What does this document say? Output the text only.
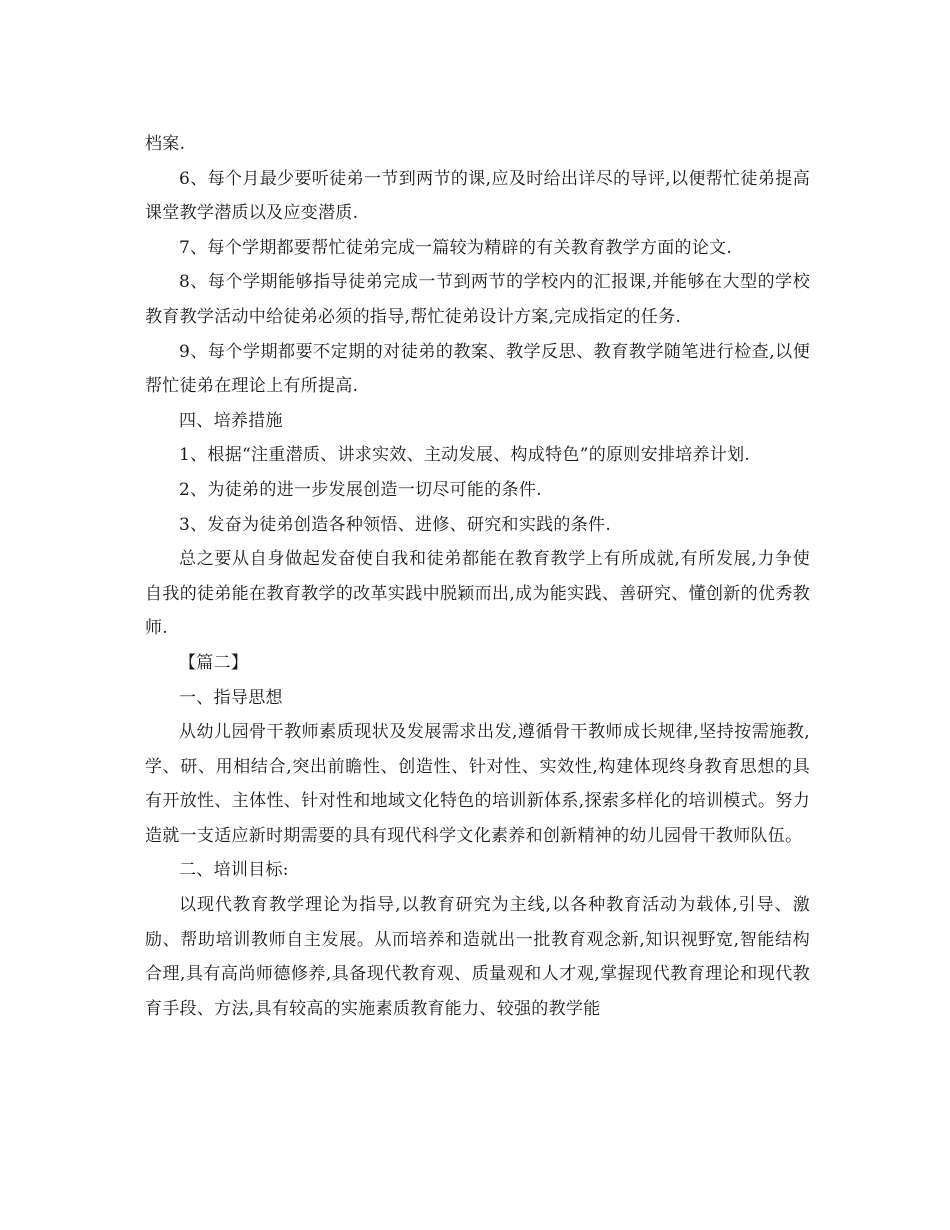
档案.

6、每个月最少要听徒弟一节到两节的课,应及时给出详尽的导评,以便帮忙徒弟提高课堂教学潜质以及应变潜质.

7、每个学期都要帮忙徒弟完成一篇较为精辟的有关教育教学方面的论文.

8、每个学期能够指导徒弟完成一节到两节的学校内的汇报课,并能够在大型的学校教育教学活动中给徒弟必须的指导,帮忙徒弟设计方案,完成指定的任务.

9、每个学期都要不定期的对徒弟的教案、教学反思、教育教学随笔进行检查,以便帮忙徒弟在理论上有所提高.

四、培养措施

1、根据“注重潜质、讲求实效、主动发展、构成特色”的原则安排培养计划.

2、为徒弟的进一步发展创造一切尽可能的条件.

3、发奋为徒弟创造各种领悟、进修、研究和实践的条件.

总之要从自身做起发奋使自我和徒弟都能在教育教学上有所成就,有所发展,力争使自我的徒弟能在教育教学的改革实践中脱颖而出,成为能实践、善研究、懂创新的优秀教师.

【篇二】

一、指导思想

从幼儿园骨干教师素质现状及发展需求出发,遵循骨干教师成长规律,坚持按需施教,学、研、用相结合,突出前瞻性、创造性、针对性、实效性,构建体现终身教育思想的具有开放性、主体性、针对性和地域文化特色的培训新体系,探索多样化的培训模式。努力造就一支适应新时期需要的具有现代科学文化素养和创新精神的幼儿园骨干教师队伍。

二、培训目标:

以现代教育教学理论为指导,以教育研究为主线,以各种教育活动为载体,引导、激励、帮助培训教师自主发展。从而培养和造就出一批教育观念新,知识视野宽,智能结构合理,具有高尚师德修养,具备现代教育观、质量观和人才观,掌握现代教育理论和现代教育手段、方法,具有较高的实施素质教育能力、较强的教学能
